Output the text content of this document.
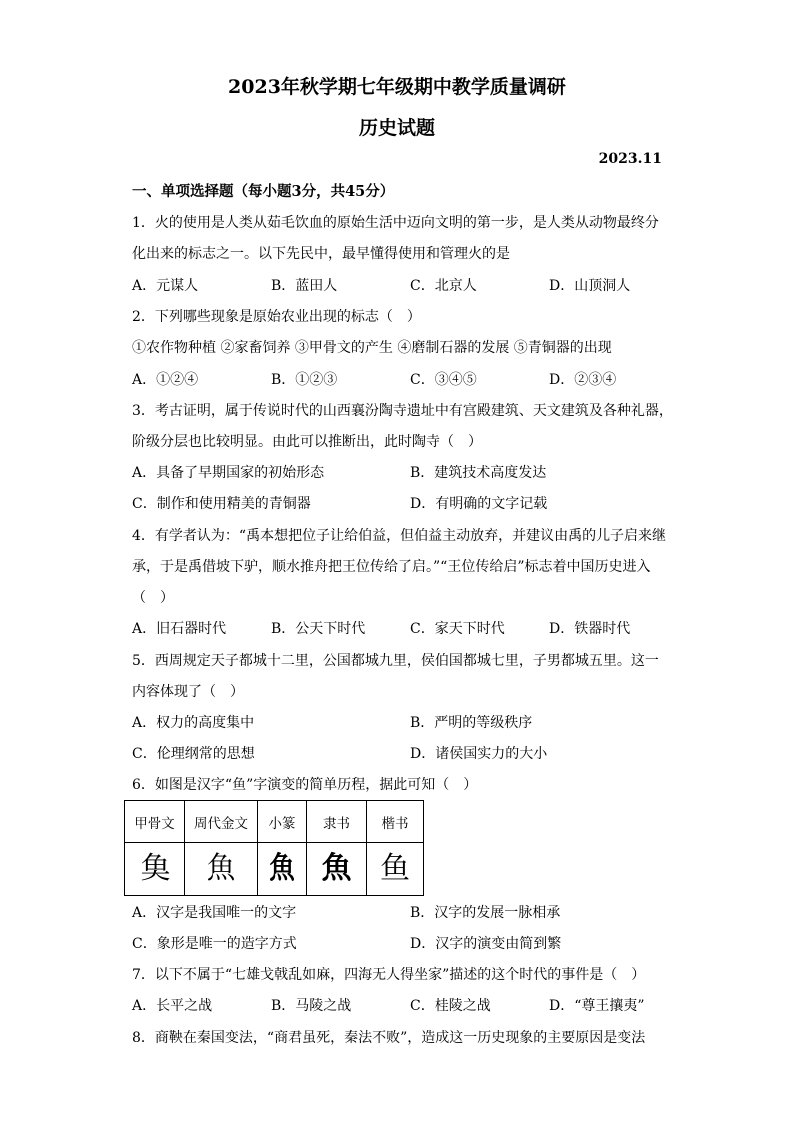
2023年秋学期七年级期中教学质量调研
历史试题
2023.11
一、单项选择题（每小题3分，共45分）
1．火的使用是人类从茹毛饮血的原始生活中迈向文明的第一步，是人类从动物最终分
化出来的标志之一。以下先民中，最早懂得使用和管理火的是
A．元谋人	B．蓝田人	C．北京人	D．山顶洞人
2．下列哪些现象是原始农业出现的标志（　）
①农作物种植 ②家畜饲养 ③甲骨文的产生 ④磨制石器的发展 ⑤青铜器的出现
A．①②④	B．①②③	C．③④⑤	D．②③④
3．考古证明，属于传说时代的山西襄汾陶寺遗址中有宫殿建筑、天文建筑及各种礼器，
阶级分层也比较明显。由此可以推断出，此时陶寺（　）
A．具备了早期国家的初始形态	B．建筑技术高度发达
C．制作和使用精美的青铜器	D．有明确的文字记载
4．有学者认为：“禹本想把位子让给伯益，但伯益主动放弃，并建议由禹的儿子启来继
承，于是禹借坡下驴，顺水推舟把王位传给了启。”“王位传给启”标志着中国历史进入
（　）
A．旧石器时代	B．公天下时代	C．家天下时代	D．铁器时代
5．西周规定天子都城十二里，公国都城九里，侯伯国都城七里，子男都城五里。这一
内容体现了（　）
A．权力的高度集中	B．严明的等级秩序
C．伦理纲常的思想	D．诸侯国实力的大小
6．如图是汉字“鱼”字演变的简单历程，据此可知（　）
甲骨文	周代金文	小篆	隶书	楷书
𩵋	魚	魚	魚	鱼
A．汉字是我国唯一的文字	B．汉字的发展一脉相承
C．象形是唯一的造字方式	D．汉字的演变由简到繁
7．以下不属于“七雄戈戟乱如麻，四海无人得坐家”描述的这个时代的事件是（　）
A．长平之战	B．马陵之战	C．桂陵之战	D．“尊王攘夷”
8．商鞅在秦国变法，“商君虽死，秦法不败”，造成这一历史现象的主要原因是变法
